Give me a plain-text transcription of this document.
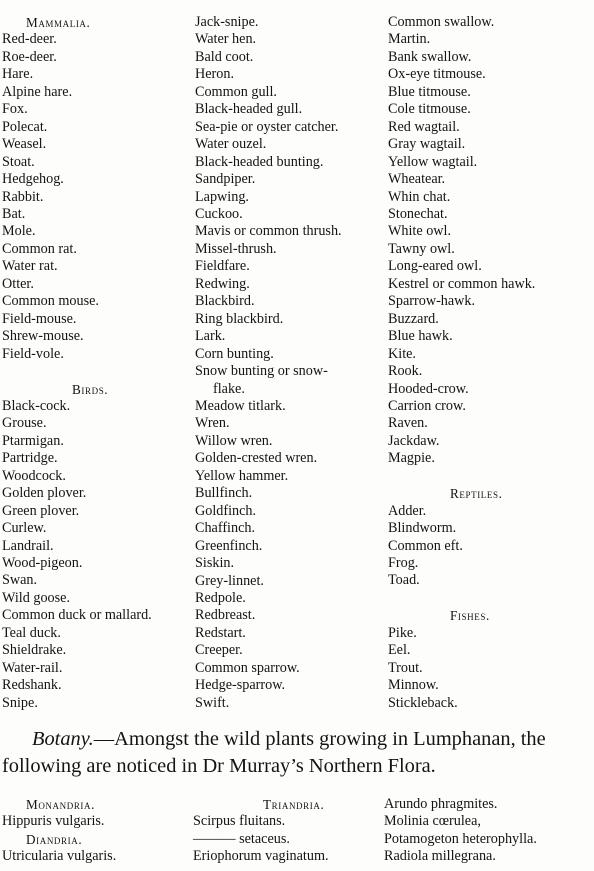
Mammalia.
Red-deer.
Roe-deer.
Hare.
Alpine hare.
Fox.
Polecat.
Weasel.
Stoat.
Hedgehog.
Rabbit.
Bat.
Mole.
Common rat.
Water rat.
Otter.
Common mouse.
Field-mouse.
Shrew-mouse.
Field-vole.
Birds.
Black-cock.
Grouse.
Ptarmigan.
Partridge.
Woodcock.
Golden plover.
Green plover.
Curlew.
Landrail.
Wood-pigeon.
Swan.
Wild goose.
Common duck or mallard.
Teal duck.
Shieldrake.
Water-rail.
Redshank.
Snipe.
Jack-snipe.
Water hen.
Bald coot.
Heron.
Common gull.
Black-headed gull.
Sea-pie or oyster catcher.
Water ouzel.
Black-headed bunting.
Sandpiper.
Lapwing.
Cuckoo.
Mavis or common thrush.
Missel-thrush.
Fieldfare.
Redwing.
Blackbird.
Ring blackbird.
Lark.
Corn bunting.
Snow bunting or snow-
flake.
Meadow titlark.
Wren.
Willow wren.
Golden-crested wren.
Yellow hammer.
Bullfinch.
Goldfinch.
Chaffinch.
Greenfinch.
Siskin.
Grey-linnet.
Redpole.
Redbreast.
Redstart.
Creeper.
Common sparrow.
Hedge-sparrow.
Swift.
Common swallow.
Martin.
Bank swallow.
Ox-eye titmouse.
Blue titmouse.
Cole titmouse.
Red wagtail.
Gray wagtail.
Yellow wagtail.
Wheatear.
Whin chat.
Stonechat.
White owl.
Tawny owl.
Long-eared owl.
Kestrel or common hawk.
Sparrow-hawk.
Buzzard.
Blue hawk.
Kite.
Rook.
Hooded-crow.
Carrion crow.
Raven.
Jackdaw.
Magpie.
Reptiles.
Adder.
Blindworm.
Common eft.
Frog.
Toad.
Fishes.
Pike.
Eel.
Trout.
Minnow.
Stickleback.

Botany.—Amongst the wild plants growing in Lumphanan, the following are noticed in Dr Murray’s Northern Flora.

Monandria.
Hippuris vulgaris.
Diandria.
Utricularia vulgaris.
Triandria.
Scirpus fluitans.
——— setaceus.
Eriophorum vaginatum.
Arundo phragmites.
Molinia cœrulea,
Potamogeton heterophylla.
Radiola millegrana.
